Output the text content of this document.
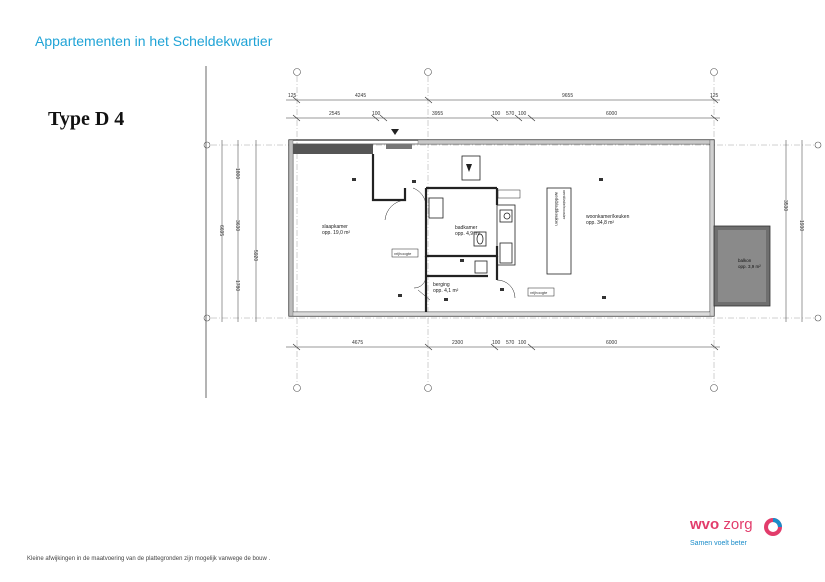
Appartementen in het Scheldekwartier
Type D 4
125	4245	9655	125
2545	100	3955	100 570 100	6000
4675	2300	100 570 100	6000
1800
3630
1780
6695
5920
3530
1930
werkblad/keuken
vrijhoogte
vrijhoogte
slaapkamer
opp. 19,0 m²
badkamer
opp. 4,9 m²
berging
opp. 4,1 m²
woonkamer/keuken
opp. 34,8 m²
balkon
opp. 3,9 m²
ventilatie/rooster
Kleine afwijkingen in de maatvoering van de plattegronden zijn mogelijk vanwege de bouw .
wvo zorg
Samen voelt beter
